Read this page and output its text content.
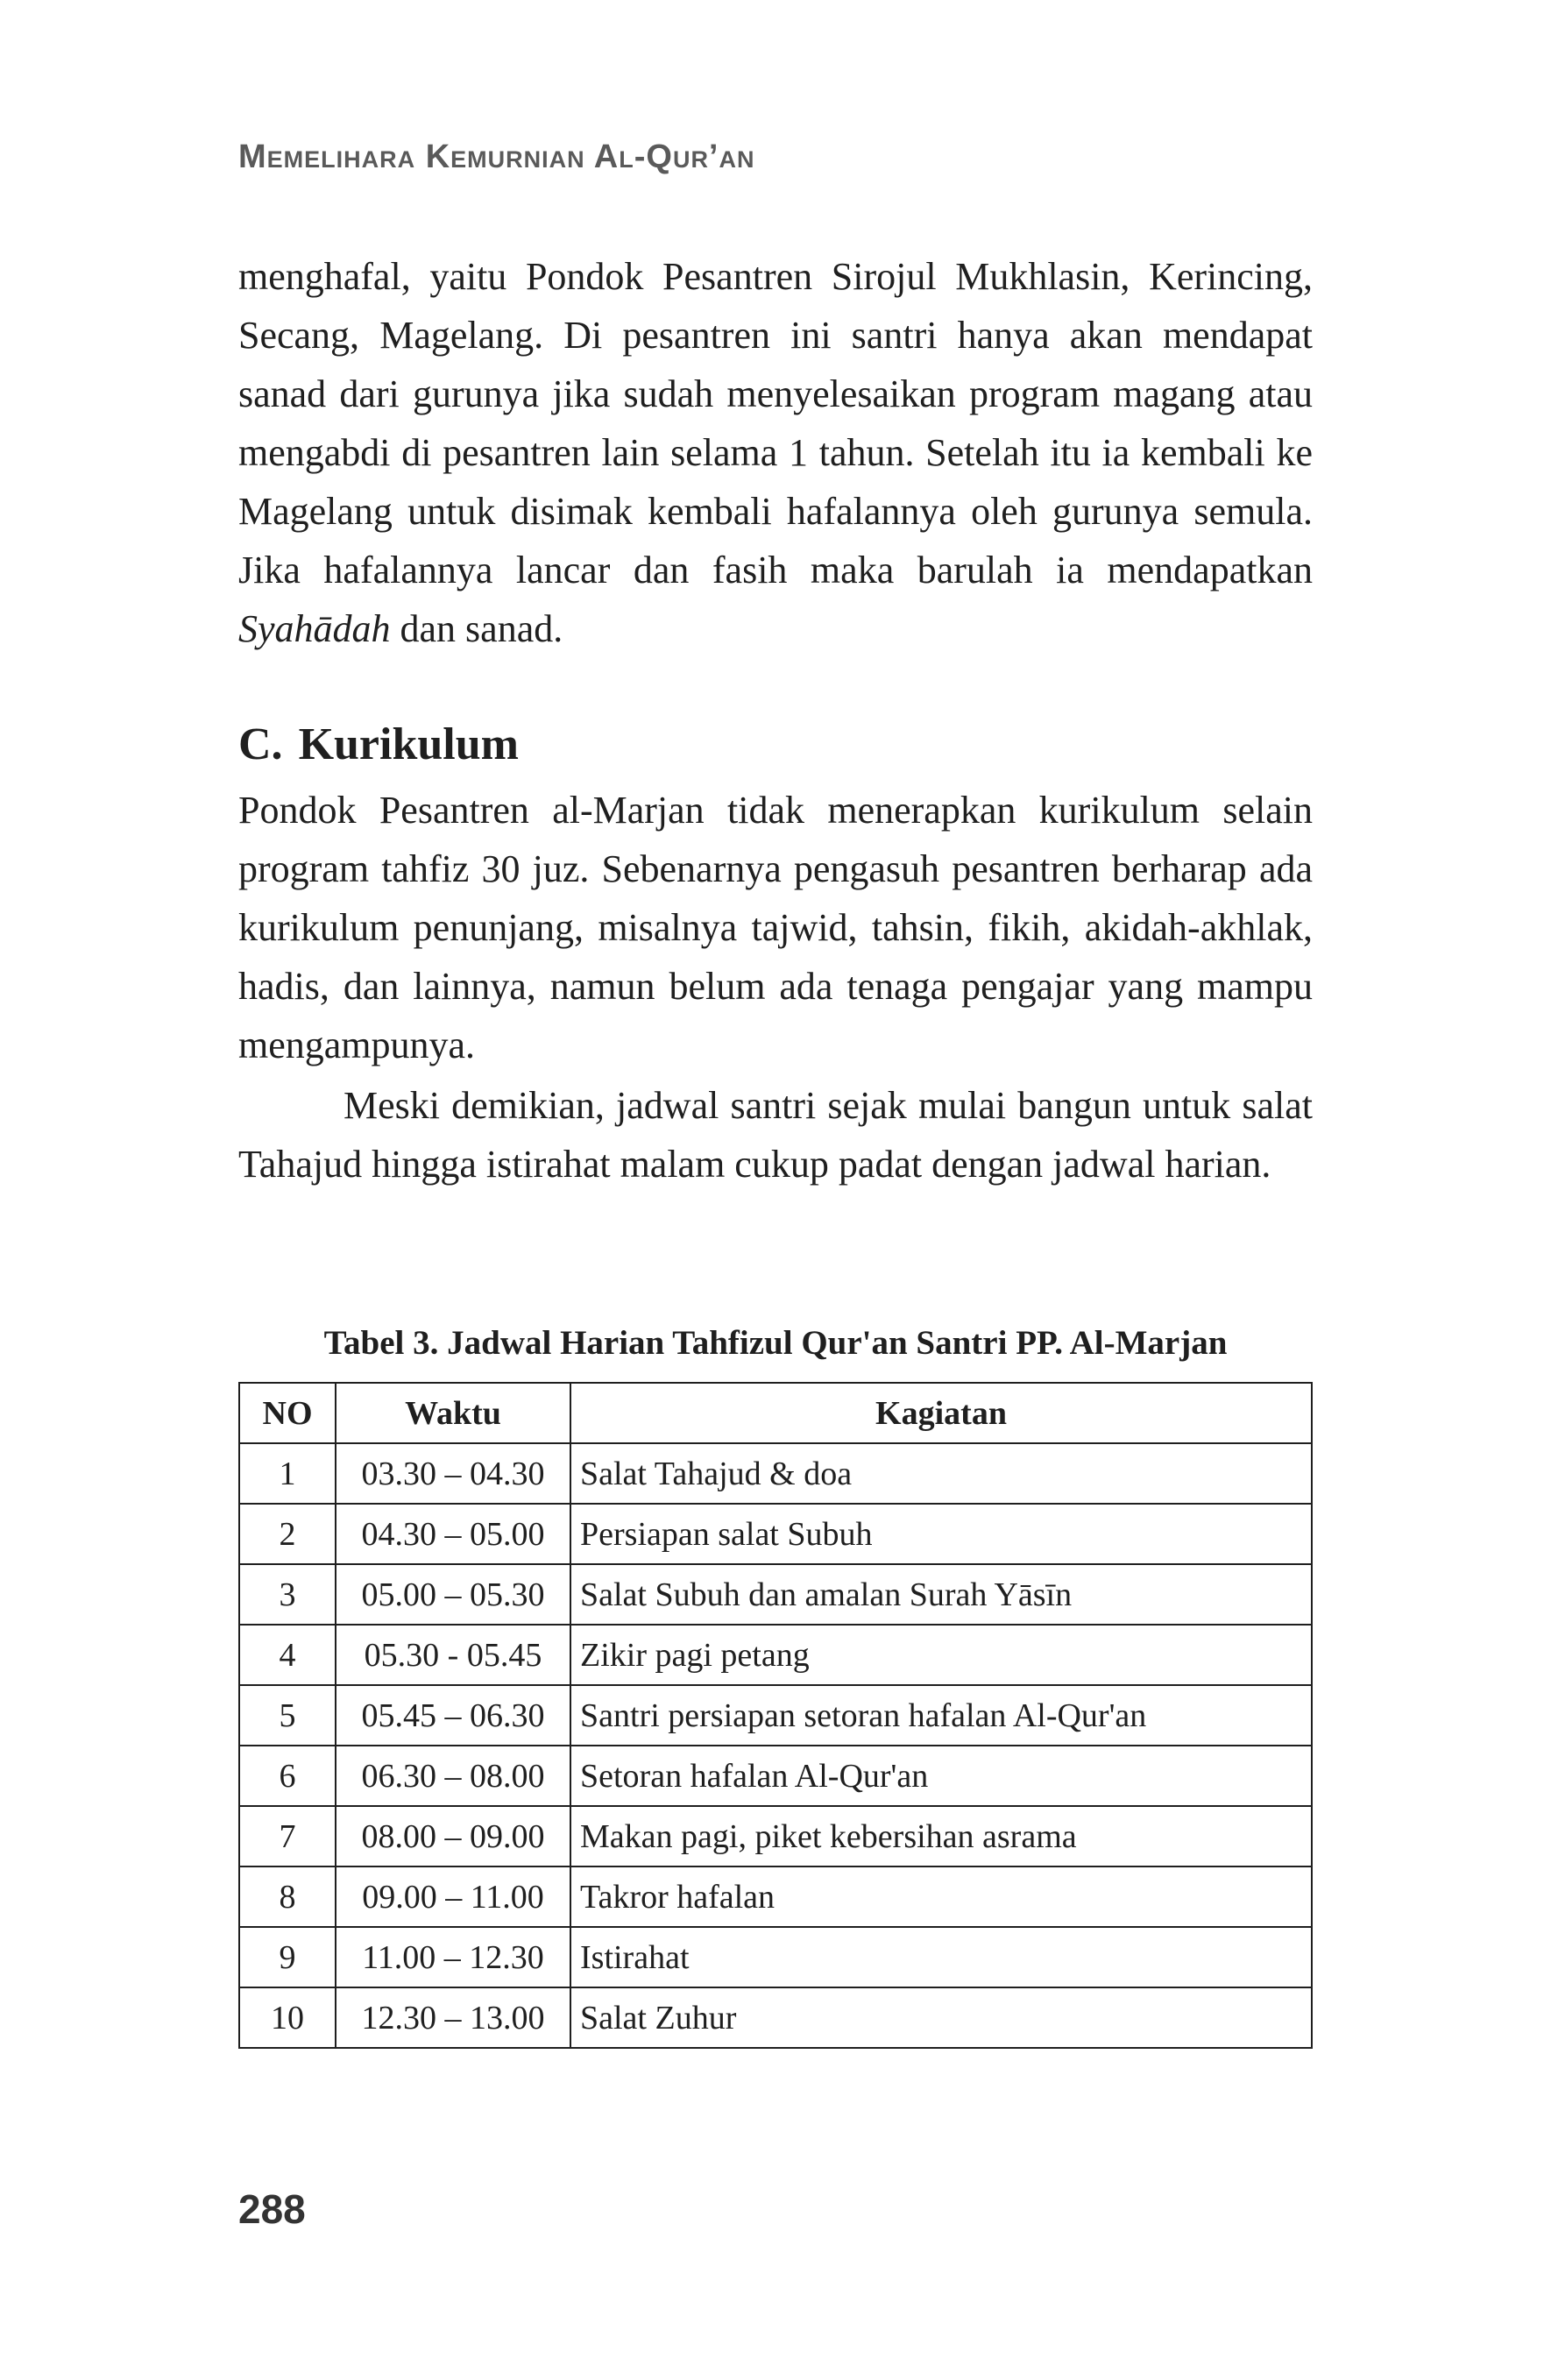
Memelihara Kemurnian Al-Qur’an

menghafal, yaitu Pondok Pesantren Sirojul Mukhlasin, Kerincing, Secang, Magelang. Di pesantren ini santri hanya akan mendapat sanad dari gurunya jika sudah menyelesaikan program magang atau mengabdi di pesantren lain selama 1 tahun. Setelah itu ia kembali ke Magelang untuk disimak kembali hafalannya oleh gurunya semula. Jika hafalannya lancar dan fasih maka barulah ia mendapatkan Syahādah dan sanad.

C. Kurikulum

Pondok Pesantren al-Marjan tidak menerapkan kurikulum selain program tahfiz 30 juz. Sebenarnya pengasuh pesantren berharap ada kurikulum penunjang, misalnya tajwid, tahsin, fikih, akidah-akhlak, hadis, dan lainnya, namun belum ada tenaga pengajar yang mampu mengampunya.

Meski demikian, jadwal santri sejak mulai bangun untuk salat Tahajud hingga istirahat malam cukup padat dengan jadwal harian.

Tabel 3. Jadwal Harian Tahfizul Qur'an Santri PP. Al-Marjan

NO	Waktu	Kagiatan
1	03.30 – 04.30	Salat Tahajud & doa
2	04.30 – 05.00	Persiapan salat Subuh
3	05.00 – 05.30	Salat Subuh dan amalan Surah Yāsīn
4	05.30 - 05.45	Zikir pagi petang
5	05.45 – 06.30	Santri persiapan setoran hafalan Al-Qur'an
6	06.30 – 08.00	Setoran hafalan Al-Qur'an
7	08.00 – 09.00	Makan pagi, piket kebersihan asrama
8	09.00 – 11.00	Takror hafalan
9	11.00 – 12.30	Istirahat
10	12.30 – 13.00	Salat Zuhur

288
